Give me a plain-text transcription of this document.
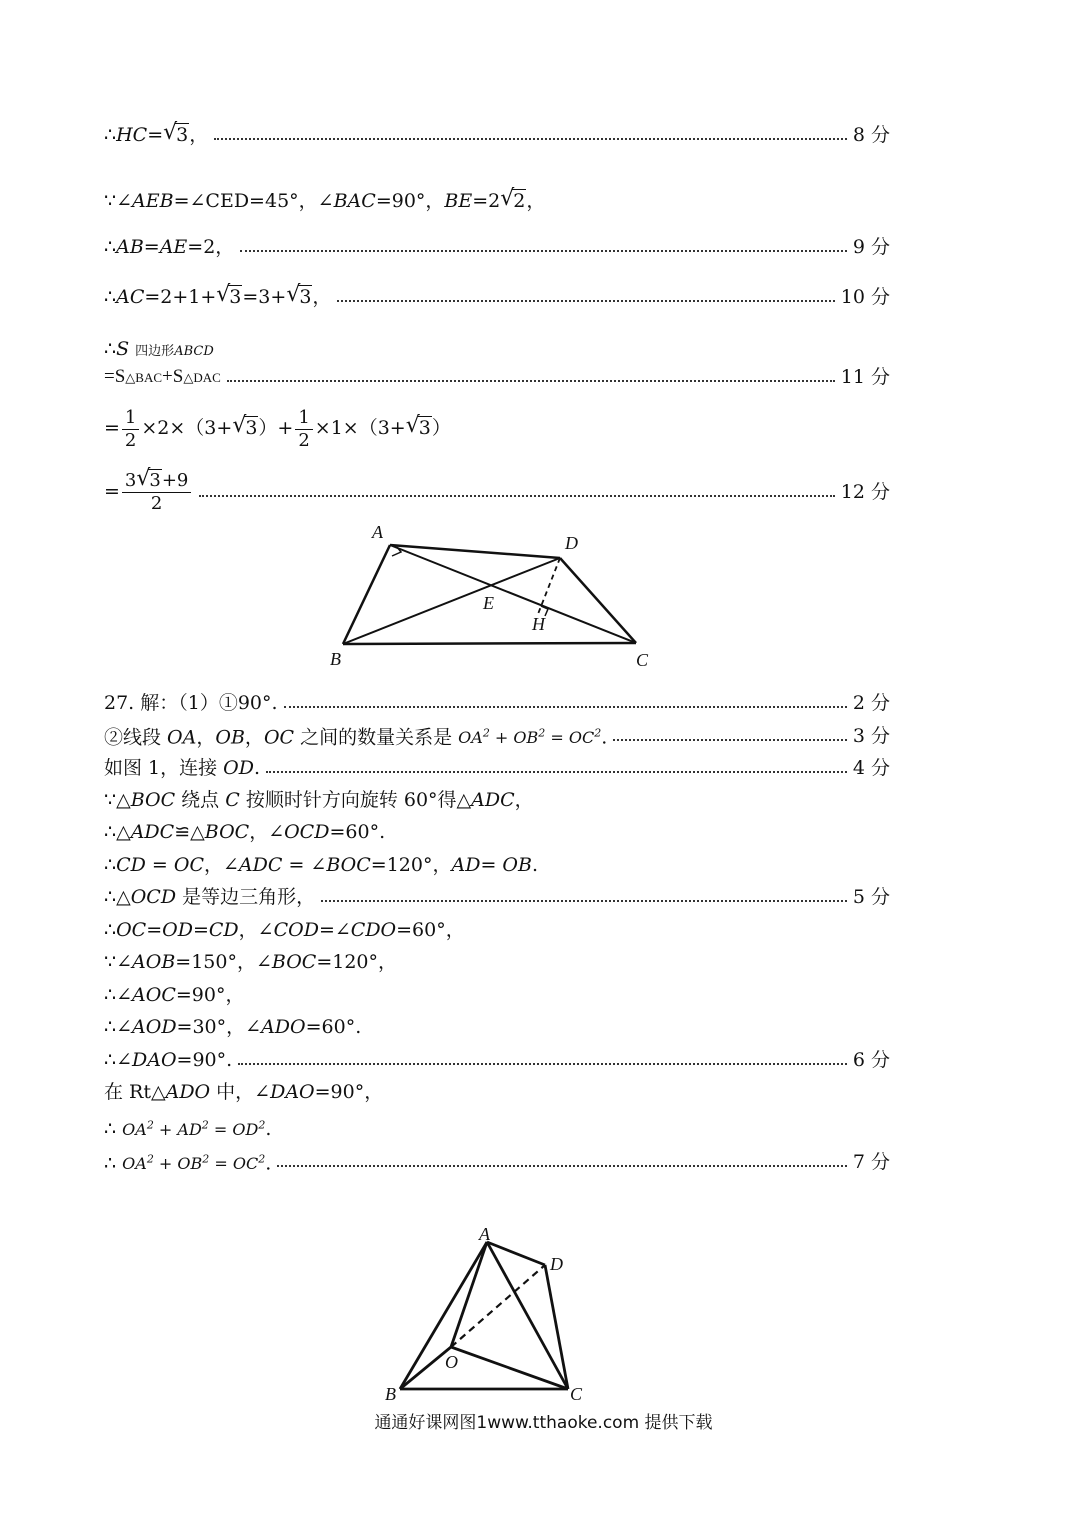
∴HC=√ 3，	8 分
∵∠AEB=∠CED=45°，∠BAC=90°，BE=2√ 2，
∴AB=AE=2，	9 分
∴AC=2+1+√ 3=3+√ 3，	10 分
∴S 四边形ABCD
=S△BAC+S△DAC	11 分
= $\frac{1}{2} \times 2\times(3+√$ $3)+ \frac{1}{2} \times 1\times(3+√$ 3）
= $\frac{3√ 3+9}{2}$	12 分
A
D
E
H
B	C
27. 解：（1）①90°.	2 分
②线段 OA，OB，OC 之间的数量关系是 $OA^2 + OB^2 = OC^2$.	3 分
如图 1，连接 OD.	4 分
∵△BOC 绕点 C 按顺时针方向旋转 60°得△ADC，
∴△ADC≌△BOC，∠OCD=60°.
∴CD = OC，∠ADC = ∠BOC=120°，AD= OB.
∴△OCD 是等边三角形，	5 分
∴OC=OD=CD，∠COD=∠CDO=60°，
∵∠AOB=150°，∠BOC=120°，
∴∠AOC=90°，
∴∠AOD=30°，∠ADO=60°.
∴∠DAO=90°.	6 分
在 Rt△ADO 中，∠DAO=90°，
∴ $OA^2 + AD^2 = OD^2$.
∴ $OA^2 + OB^2 = OC^2$.	7 分
A
D
O
B	C
通通好课网图1www.tthaoke.com 提供下载
